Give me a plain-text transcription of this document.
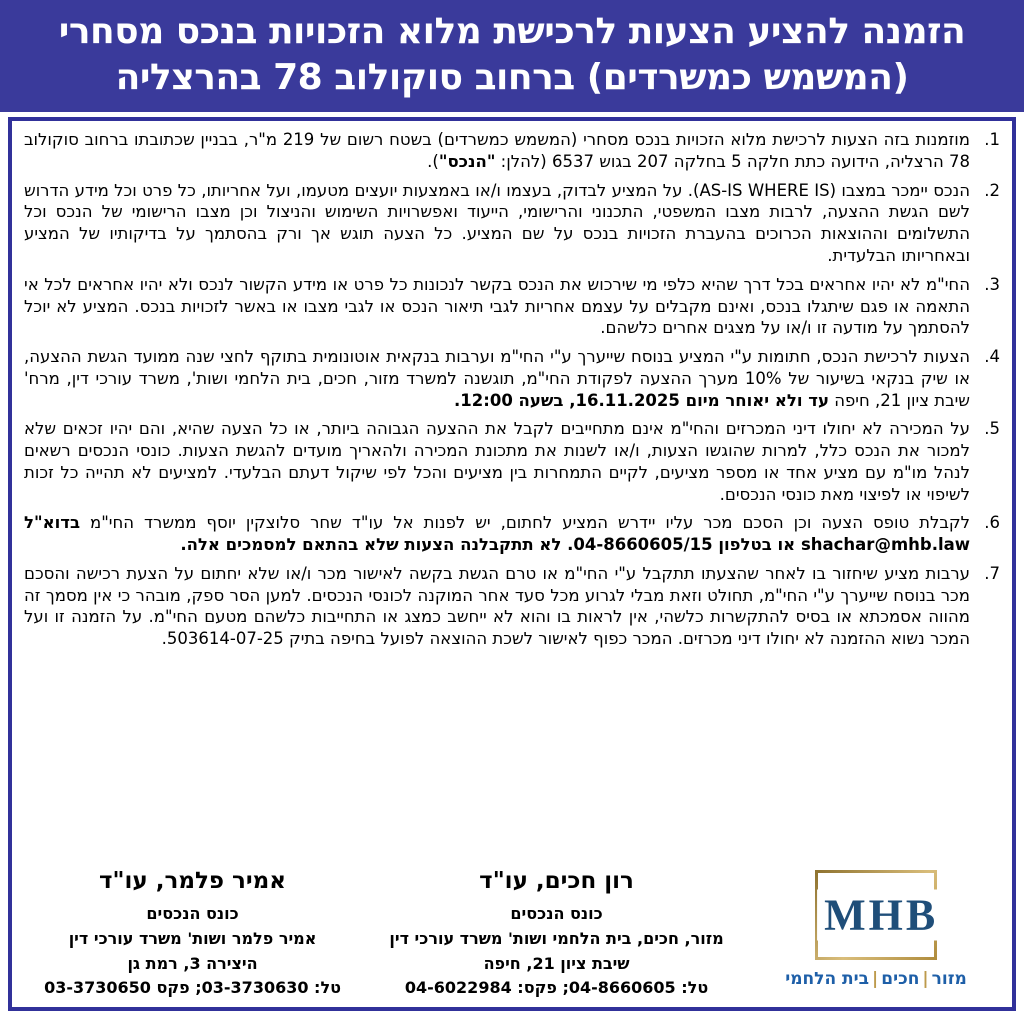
הזמנה להציע הצעות לרכישת מלוא הזכויות בנכס מסחרי
(המשמש כמשרדים) ברחוב סוקולוב 78 בהרצליה
1.
מוזמנות בזה הצעות לרכישת מלוא הזכויות בנכס מסחרי (המשמש כמשרדים) בשטח רשום של 219 מ"ר, בבניין שכתובתו ברחוב סוקולוב 78 הרצליה, הידועה כתת חלקה 5 בחלקה 207 בגוש 6537 (להלן: "הנכס").
2.
הנכס יימכר במצבו (AS-IS WHERE IS). על המציע לבדוק, בעצמו ו/או באמצעות יועצים מטעמו, ועל אחריותו, כל פרט וכל מידע הדרוש לשם הגשת ההצעה, לרבות מצבו המשפטי, התכנוני והרישומי, הייעוד ואפשרויות השימוש והניצול וכן מצבו הרישומי של הנכס וכל התשלומים וההוצאות הכרוכים בהעברת הזכויות בנכס על שם המציע. כל הצעה תוגש אך ורק בהסתמך על בדיקותיו של המציע ובאחריותו הבלעדית.
3.
החי"מ לא יהיו אחראים בכל דרך שהיא כלפי מי שירכוש את הנכס בקשר לנכונות כל פרט או מידע הקשור לנכס ולא יהיו אחראים לכל אי התאמה או פגם שיתגלו בנכס, ואינם מקבלים על עצמם אחריות לגבי תיאור הנכס או לגבי מצבו או באשר לזכויות בנכס. המציע לא יוכל להסתמך על מודעה זו ו/או על מצגים אחרים כלשהם.
4.
הצעות לרכישת הנכס, חתומות ע"י המציע בנוסח שייערך ע"י החי"מ וערבות בנקאית אוטונומית בתוקף לחצי שנה ממועד הגשת ההצעה, או שיק בנקאי בשיעור של 10% מערך ההצעה לפקודת החי"מ, תוגשנה למשרד מזור, חכים, בית הלחמי ושות', משרד עורכי דין, מרח' שיבת ציון 21, חיפה עד ולא יאוחר מיום 16.11.2025, בשעה 12:00.
5.
על המכירה לא יחולו דיני המכרזים והחי"מ אינם מתחייבים לקבל את ההצעה הגבוהה ביותר, או כל הצעה שהיא, והם יהיו זכאים שלא למכור את הנכס כלל, למרות שהוגשו הצעות, ו/או לשנות את מתכונת המכירה ולהאריך מועדים להגשת הצעות. כונסי הנכסים רשאים לנהל מו"מ עם מציע אחד או מספר מציעים, לקיים התמחרות בין מציעים והכל לפי שיקול דעתם הבלעדי. למציעים לא תהייה כל זכות לשיפוי או לפיצוי מאת כונסי הנכסים.
6.
לקבלת טופס הצעה וכן הסכם מכר עליו יידרש המציע לחתום, יש לפנות אל עו"ד שחר סלוצקין יוסף ממשרד החי"מ בדוא"ל shachar@mhb.law או בטלפון 04-8660605/15. לא תתקבלנה הצעות שלא בהתאם למסמכים אלה.
7.
ערבות מציע שיחזור בו לאחר שהצעתו תתקבל ע"י החי"מ או טרם הגשת בקשה לאישור מכר ו/או שלא יחתום על הצעת רכישה והסכם מכר בנוסח שייערך ע"י החי"מ, תחולט וזאת מבלי לגרוע מכל סעד אחר המוקנה לכונסי הנכסים. למען הסר ספק, מובהר כי אין מסמך זה מהווה אסמכתא או בסיס להתקשרות כלשהי, אין לראות בו והוא לא ייחשב כמצג או התחייבות כלשהם מטעם החי"מ. על הזמנה זו ועל המכר נשוא ההזמנה לא יחולו דיני מכרזים. המכר כפוף לאישור לשכת ההוצאה לפועל בחיפה בתיק 503614-07-25.
MHB
מזור|חכים|בית הלחמי
רון חכים, עו"ד
כונס הנכסים
מזור, חכים, בית הלחמי ושות' משרד עורכי דין
שיבת ציון 21, חיפה
טל: 04-8660605; פקס: 04-6022984
אמיר פלמר, עו"ד
כונס הנכסים
אמיר פלמר ושות' משרד עורכי דין
היצירה 3, רמת גן
טל: 03-3730630; פקס 03-3730650
